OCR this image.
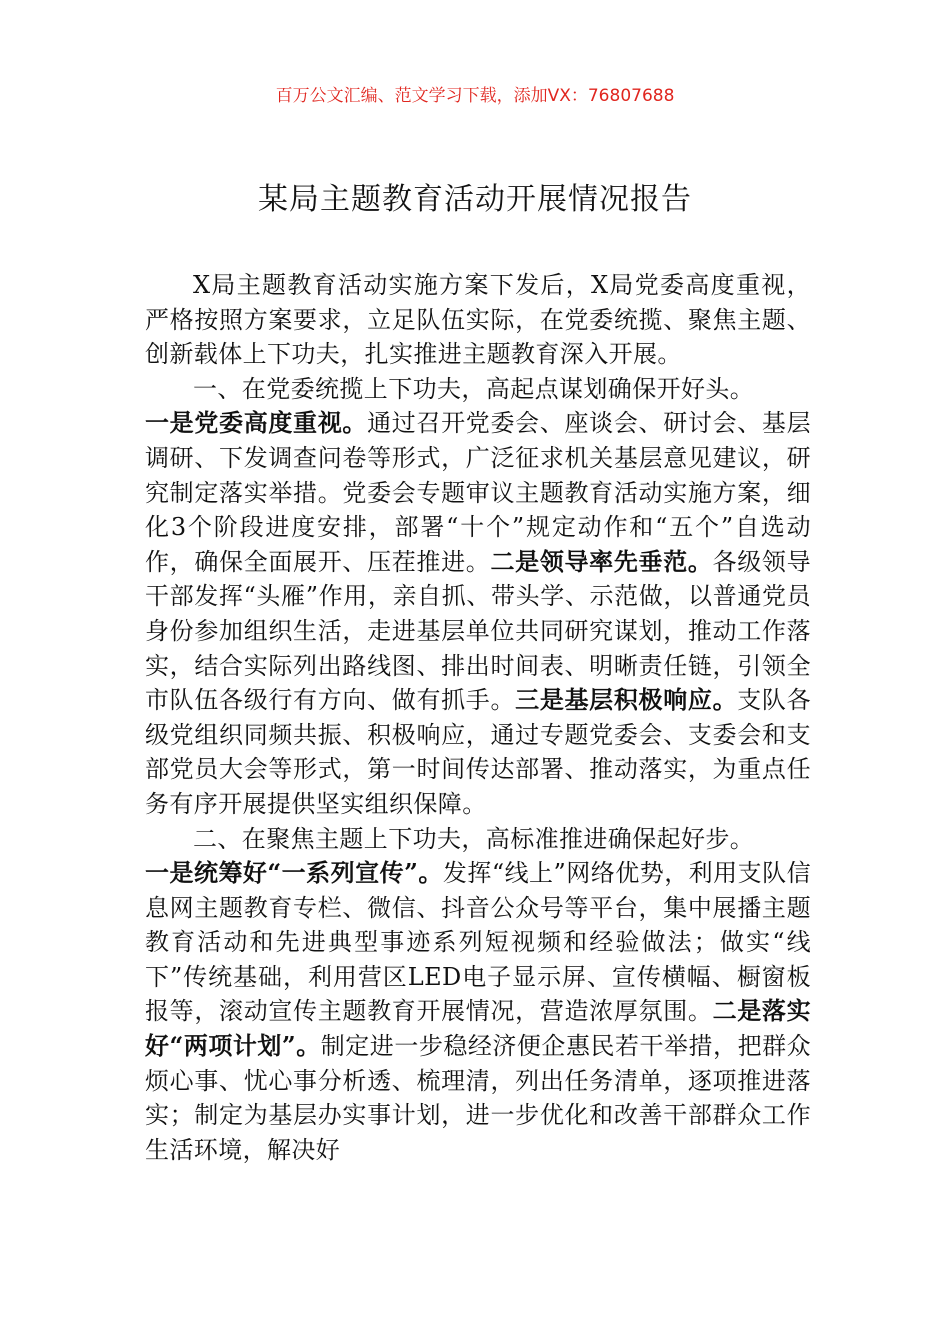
百万公文汇编、范文学习下载，添加VX：76807688
某局主题教育活动开展情况报告

X局主题教育活动实施方案下发后，X局党委高度重视，严格按照方案要求，立足队伍实际，在党委统揽、聚焦主题、创新载体上下功夫，扎实推进主题教育深入开展。

一、在党委统揽上下功夫，高起点谋划确保开好头。

一是党委高度重视。通过召开党委会、座谈会、研讨会、基层调研、下发调查问卷等形式，广泛征求机关基层意见建议，研究制定落实举措。党委会专题审议主题教育活动实施方案，细化3个阶段进度安排，部署“十个”规定动作和“五个”自选动作，确保全面展开、压茬推进。二是领导率先垂范。各级领导干部发挥“头雁”作用，亲自抓、带头学、示范做，以普通党员身份参加组织生活，走进基层单位共同研究谋划，推动工作落实，结合实际列出路线图、排出时间表、明晰责任链，引领全市队伍各级行有方向、做有抓手。三是基层积极响应。支队各级党组织同频共振、积极响应，通过专题党委会、支委会和支部党员大会等形式，第一时间传达部署、推动落实，为重点任务有序开展提供坚实组织保障。

二、在聚焦主题上下功夫，高标准推进确保起好步。

一是统筹好“一系列宣传”。发挥“线上”网络优势，利用支队信息网主题教育专栏、微信、抖音公众号等平台，集中展播主题教育活动和先进典型事迹系列短视频和经验做法；做实“线下”传统基础，利用营区LED电子显示屏、宣传横幅、橱窗板报等，滚动宣传主题教育开展情况，营造浓厚氛围。二是落实好“两项计划”。制定进一步稳经济便企惠民若干举措，把群众烦心事、忧心事分析透、梳理清，列出任务清单，逐项推进落实；制定为基层办实事计划，进一步优化和改善干部群众工作生活环境，解决好
